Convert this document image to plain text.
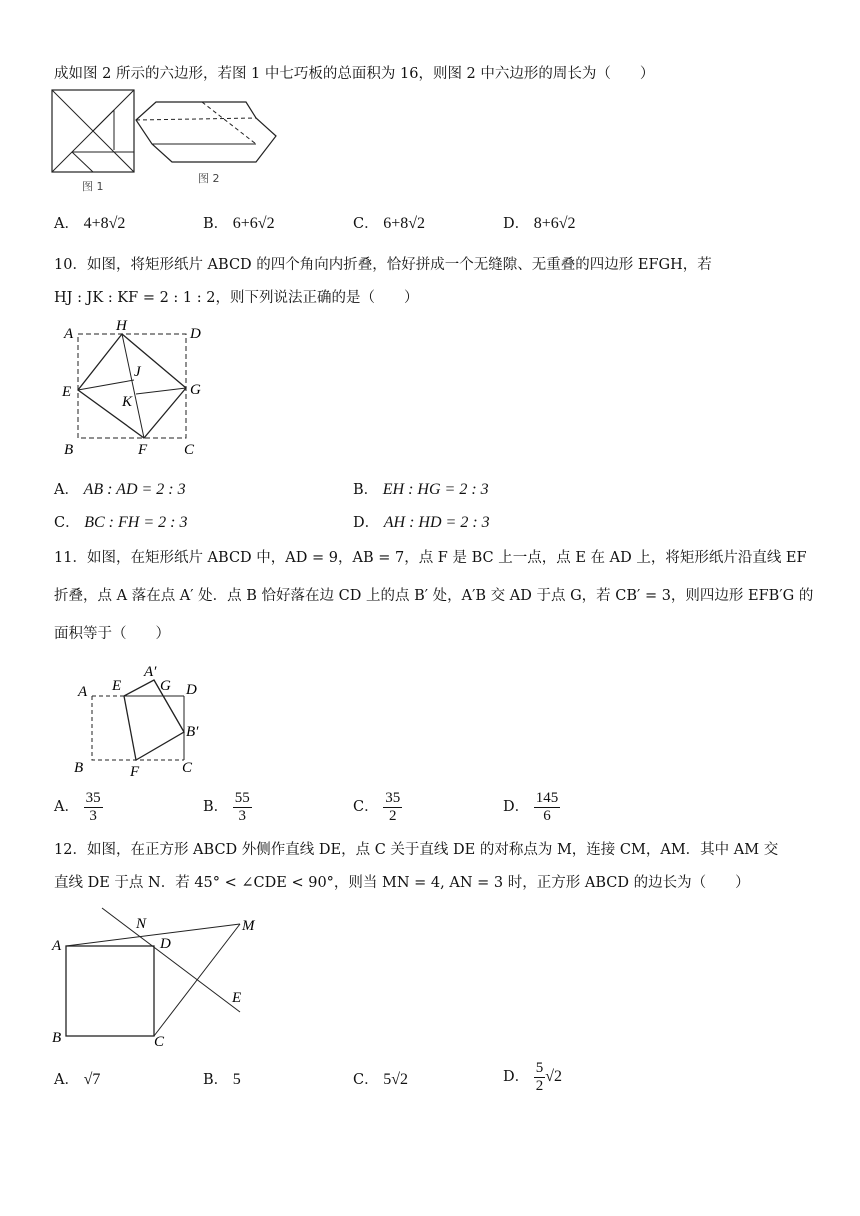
成如图 2 所示的六边形，若图 1 中七巧板的总面积为 16，则图 2 中六边形的周长为（　　）
图 1
图 2
A． 4+8√2	B． 6+6√2	C． 6+8√2	D． 8+6√2
10．如图，将矩形纸片 ABCD 的四个角向内折叠，恰好拼成一个无缝隙、无重叠的四边形 EFGH，若
HJ : JK : KF = 2 : 1 : 2，则下列说法正确的是（　　）
A	H	D
E
J
K
G
B	F C
A． AB : AD = 2 : 3	B． EH : HG = 2 : 3
C． BC : FH = 2 : 3	D． AH : HD = 2 : 3
11．如图，在矩形纸片 ABCD 中，AD = 9，AB = 7，点 F 是 BC 上一点，点 E 在 AD 上，将矩形纸片沿直线 EF
折叠，点 A 落在点 A′ 处．点 B 恰好落在边 CD 上的点 B′ 处，A′B 交 AD 于点 G，若 CB′ = 3，则四边形 EFB′G 的
面积等于（　　）
A E
A′
G D
B′
B	F	C
A． $\frac{35}{3}$	B． $\frac{55}{3}$	C． $\frac{35}{2}$	D． $\frac{145}{6}$
12．如图，在正方形 ABCD 外侧作直线 DE，点 C 关于直线 DE 的对称点为 M，连接 CM，AM．其中 AM 交
直线 DE 于点 N．若 45° < ∠CDE < 90°，则当 MN = 4, AN = 3 时，正方形 ABCD 的边长为（　　）
N	M
A	D
E
B	C
A． √7	B． 5	C． 5√2	D． $\frac{5}{2} √2$
